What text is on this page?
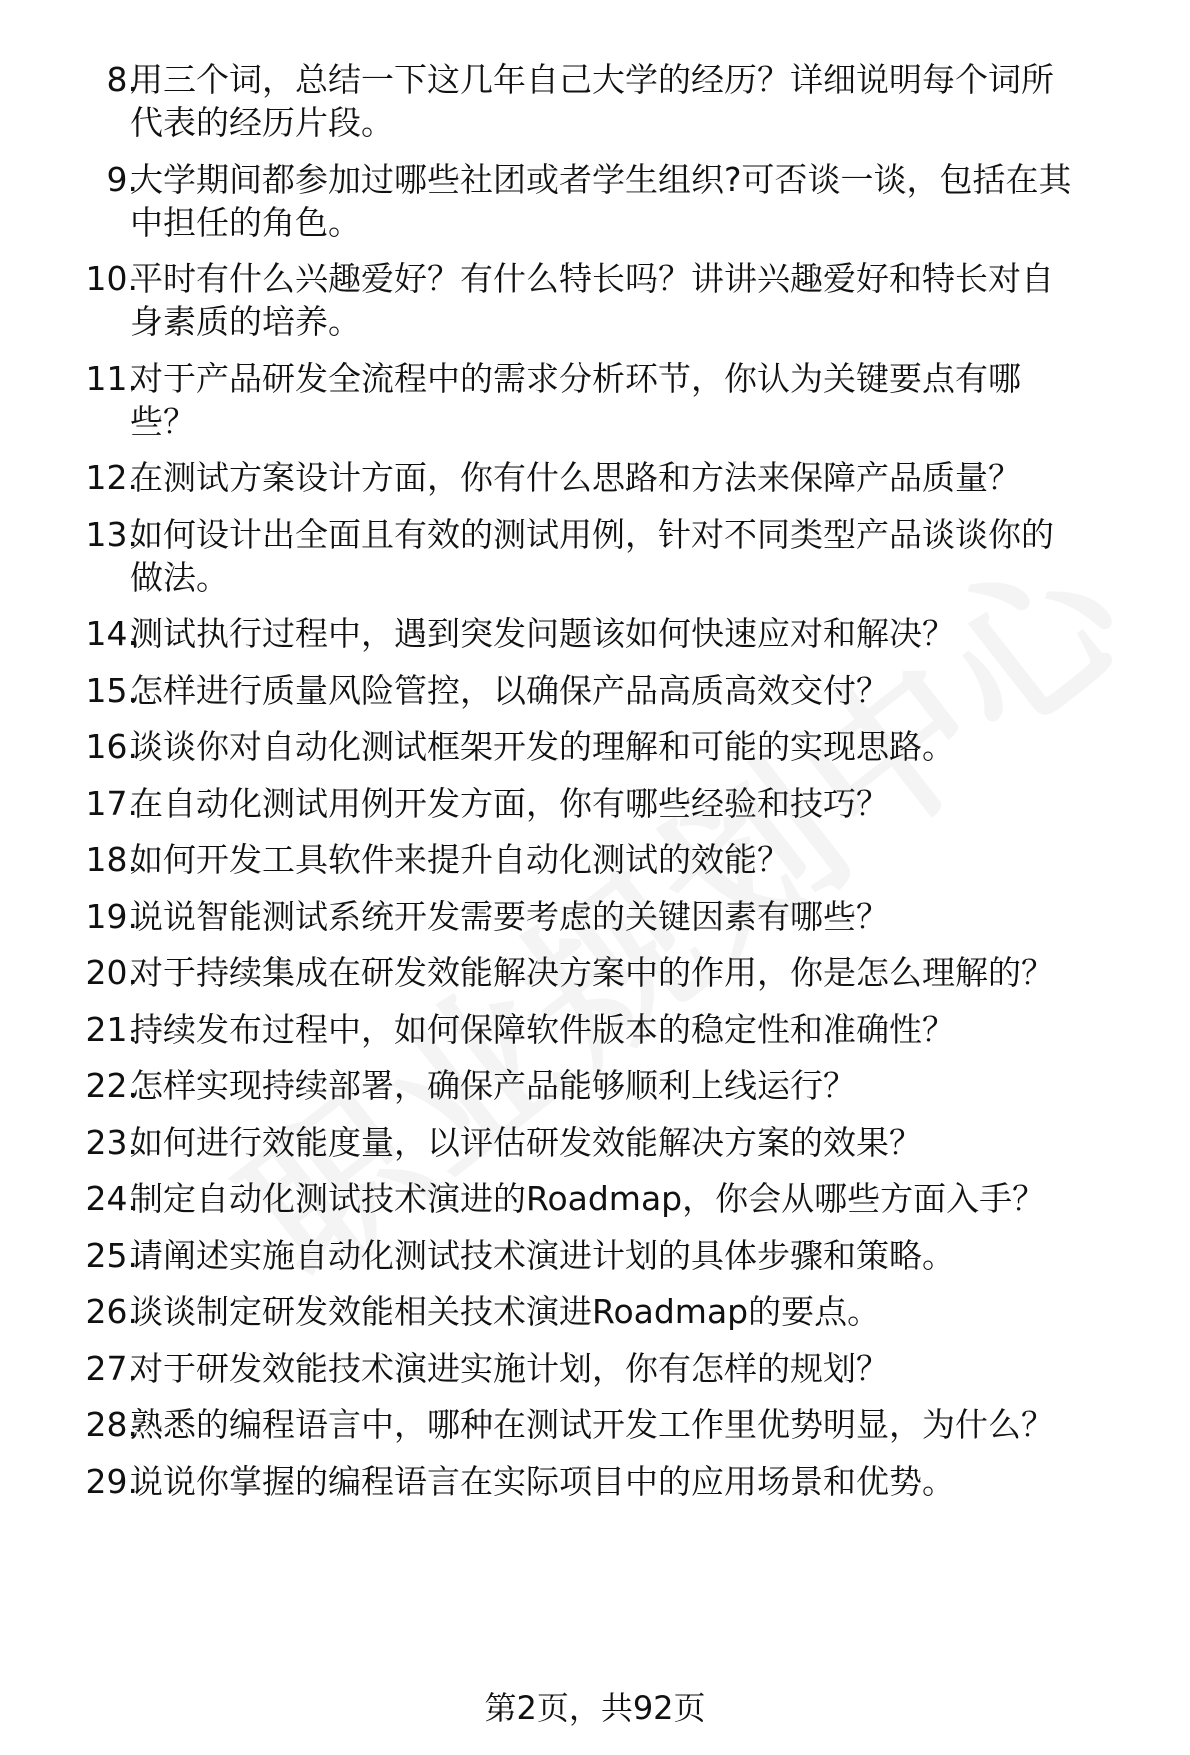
8.
用三个词，总结一下这几年自己大学的经历？详细说明每个词所
代表的经历片段。
9.
大学期间都参加过哪些社团或者学生组织?可否谈一谈，包括在其
中担任的角色。
10.
平时有什么兴趣爱好？有什么特长吗？讲讲兴趣爱好和特长对自
身素质的培养。
11.
对于产品研发全流程中的需求分析环节，你认为关键要点有哪
些？
12.
在测试方案设计方面，你有什么思路和方法来保障产品质量？
13.
如何设计出全面且有效的测试用例，针对不同类型产品谈谈你的
做法。
14.
测试执行过程中，遇到突发问题该如何快速应对和解决？
15.
怎样进行质量风险管控，以确保产品高质高效交付？
16.
谈谈你对自动化测试框架开发的理解和可能的实现思路。
17.
在自动化测试用例开发方面，你有哪些经验和技巧？
18.
如何开发工具软件来提升自动化测试的效能？
19.
说说智能测试系统开发需要考虑的关键因素有哪些？
20.
对于持续集成在研发效能解决方案中的作用，你是怎么理解的？
21.
持续发布过程中，如何保障软件版本的稳定性和准确性？
22.
怎样实现持续部署，确保产品能够顺利上线运行？
23.
如何进行效能度量，以评估研发效能解决方案的效果？
24.
制定自动化测试技术演进的Roadmap，你会从哪些方面入手？
25.
请阐述实施自动化测试技术演进计划的具体步骤和策略。
26.
谈谈制定研发效能相关技术演进Roadmap的要点。
27.
对于研发效能技术演进实施计划，你有怎样的规划？
28.
熟悉的编程语言中，哪种在测试开发工作里优势明显，为什么？
29.
说说你掌握的编程语言在实际项目中的应用场景和优势。
第2页，共92页
